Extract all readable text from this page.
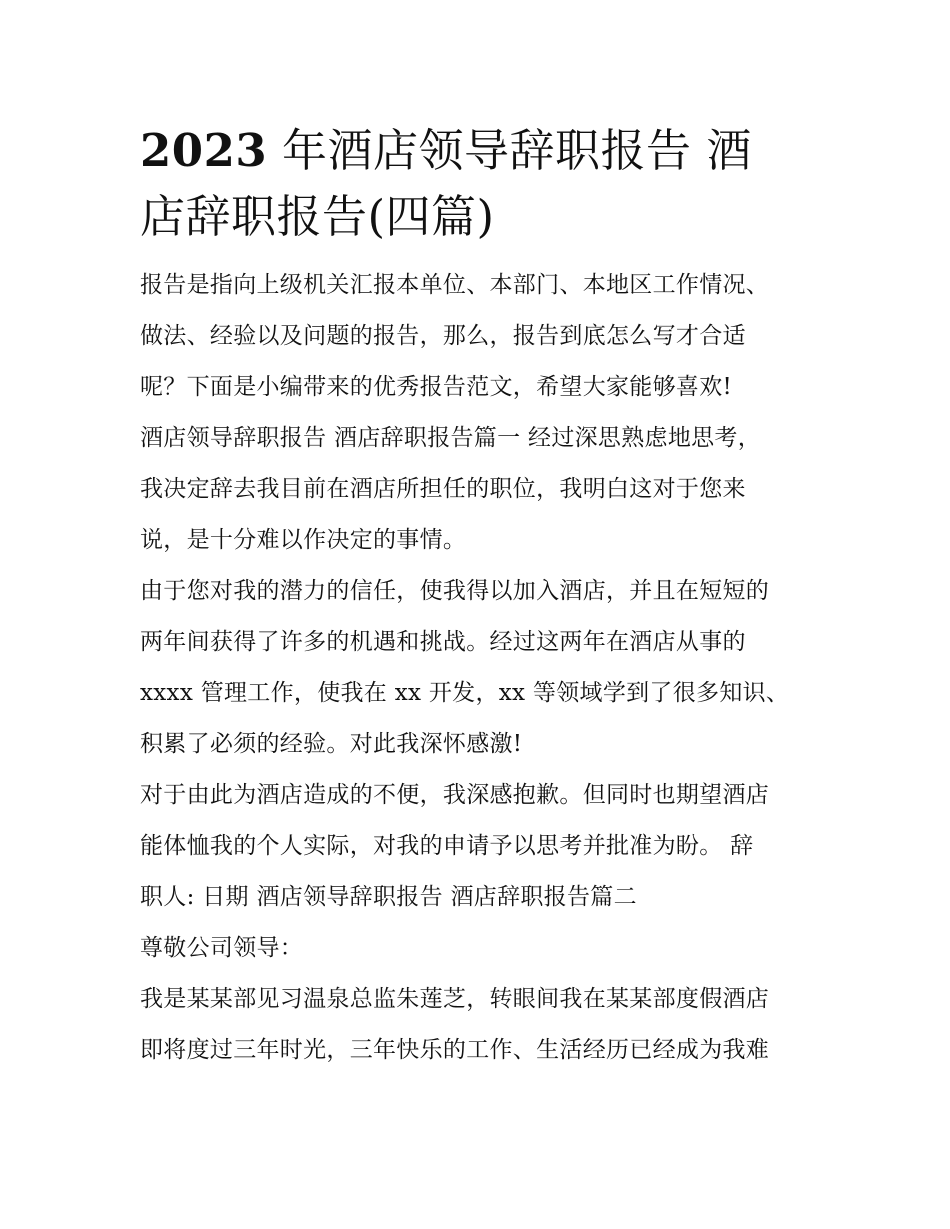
2023 年酒店领导辞职报告 酒
店辞职报告(四篇)

报告是指向上级机关汇报本单位、本部门、本地区工作情况、
做法、经验以及问题的报告，那么，报告到底怎么写才合适
呢？下面是小编带来的优秀报告范文，希望大家能够喜欢!

酒店领导辞职报告 酒店辞职报告篇一 经过深思熟虑地思考，
我决定辞去我目前在酒店所担任的职位，我明白这对于您来
说，是十分难以作决定的事情。

由于您对我的潜力的信任，使我得以加入酒店，并且在短短的
两年间获得了许多的机遇和挑战。经过这两年在酒店从事的
xxxx 管理工作，使我在 xx 开发，xx 等领域学到了很多知识、
积累了必须的经验。对此我深怀感激!

对于由此为酒店造成的不便，我深感抱歉。但同时也期望酒店
能体恤我的个人实际，对我的申请予以思考并批准为盼。 辞
职人: 日期 酒店领导辞职报告 酒店辞职报告篇二

尊敬公司领导：

我是某某部见习温泉总监朱莲芝，转眼间我在某某部度假酒店
即将度过三年时光，三年快乐的工作、生活经历已经成为我难
